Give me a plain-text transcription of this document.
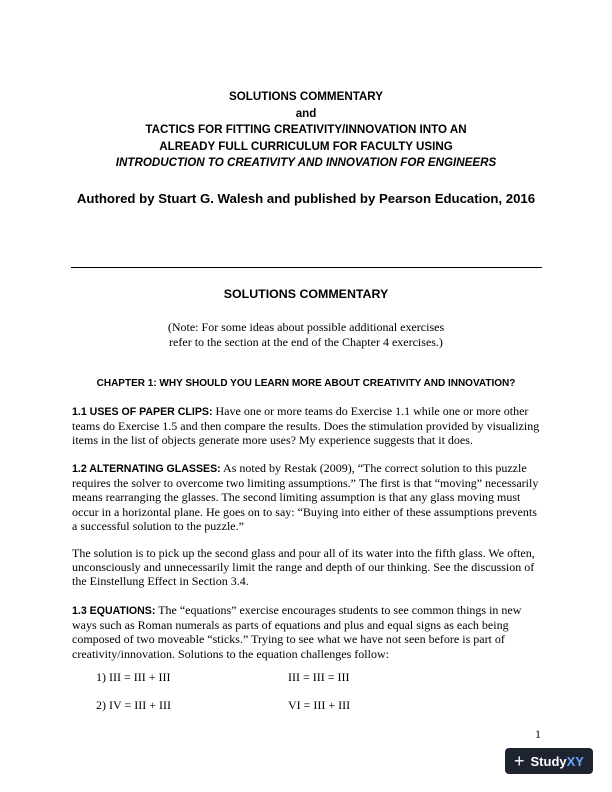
SOLUTIONS COMMENTARY
and
TACTICS FOR FITTING CREATIVITY/INNOVATION INTO AN
ALREADY FULL CURRICULUM FOR FACULTY USING
INTRODUCTION TO CREATIVITY AND INNOVATION FOR ENGINEERS
Authored by Stuart G. Walesh and published by Pearson Education, 2016
SOLUTIONS COMMENTARY
(Note: For some ideas about possible additional exercises
refer to the section at the end of the Chapter 4 exercises.)
CHAPTER 1: WHY SHOULD YOU LEARN MORE ABOUT CREATIVITY AND INNOVATION?
1.1 USES OF PAPER CLIPS: Have one or more teams do Exercise 1.1 while one or more other
teams do Exercise 1.5 and then compare the results. Does the stimulation provided by visualizing
items in the list of objects generate more uses? My experience suggests that it does.
1.2 ALTERNATING GLASSES: As noted by Restak (2009), “The correct solution to this puzzle
requires the solver to overcome two limiting assumptions.” The first is that “moving” necessarily
means rearranging the glasses. The second limiting assumption is that any glass moving must
occur in a horizontal plane. He goes on to say: “Buying into either of these assumptions prevents
a successful solution to the puzzle.”
The solution is to pick up the second glass and pour all of its water into the fifth glass. We often,
unconsciously and unnecessarily limit the range and depth of our thinking. See the discussion of
the Einstellung Effect in Section 3.4.
1.3 EQUATIONS: The “equations” exercise encourages students to see common things in new
ways such as Roman numerals as parts of equations and plus and equal signs as each being
composed of two moveable “sticks.” Trying to see what we have not seen before is part of
creativity/innovation. Solutions to the equation challenges follow:
1) III = III + III	III = III = III
2) IV = III + III	VI = III + III
1
+ StudyXY
